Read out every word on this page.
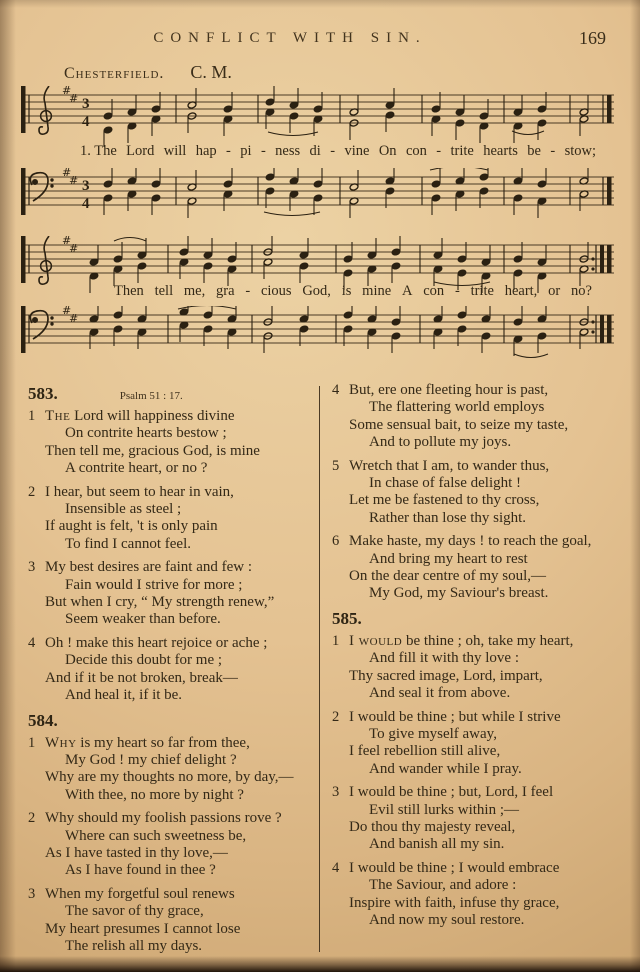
CONFLICT WITH SIN.	169
Chesterfield. C. M.
#
# 3
4
1. The Lord will hap - pi - ness di - vine On con - trite hearts be - stow;
#
# 3
4
#
#
Then tell me, gra - cious God, is mine A con - trite heart, or no?
#
#
583.	Psalm 51 : 17.
1 The Lord will happiness divine
On contrite hearts bestow ;
Then tell me, gracious God, is mine
A contrite heart, or no ?
2 I hear, but seem to hear in vain,
Insensible as steel ;
If aught is felt, 't is only pain
To find I cannot feel.
3 My best desires are faint and few :
Fain would I strive for more ;
But when I cry, “ My strength renew,”
Seem weaker than before.
4 Oh ! make this heart rejoice or ache ;
Decide this doubt for me ;
And if it be not broken, break—
And heal it, if it be.
584.
1 Why is my heart so far from thee,
My God ! my chief delight ?
Why are my thoughts no more, by day,—
With thee, no more by night ?
2 Why should my foolish passions rove ?
Where can such sweetness be,
As I have tasted in thy love,—
As I have found in thee ?
3 When my forgetful soul renews
The savor of thy grace,
My heart presumes I cannot lose
The relish all my days.
4 But, ere one fleeting hour is past,
The flattering world employs
Some sensual bait, to seize my taste,
And to pollute my joys.
5 Wretch that I am, to wander thus,
In chase of false delight !
Let me be fastened to thy cross,
Rather than lose thy sight.
6 Make haste, my days ! to reach the goal,
And bring my heart to rest
On the dear centre of my soul,—
My God, my Saviour's breast.
585.
1 I would be thine ; oh, take my heart,
And fill it with thy love :
Thy sacred image, Lord, impart,
And seal it from above.
2 I would be thine ; but while I strive
To give myself away,
I feel rebellion still alive,
And wander while I pray.
3 I would be thine ; but, Lord, I feel
Evil still lurks within ;—
Do thou thy majesty reveal,
And banish all my sin.
4 I would be thine ; I would embrace
The Saviour, and adore :
Inspire with faith, infuse thy grace,
And now my soul restore.
